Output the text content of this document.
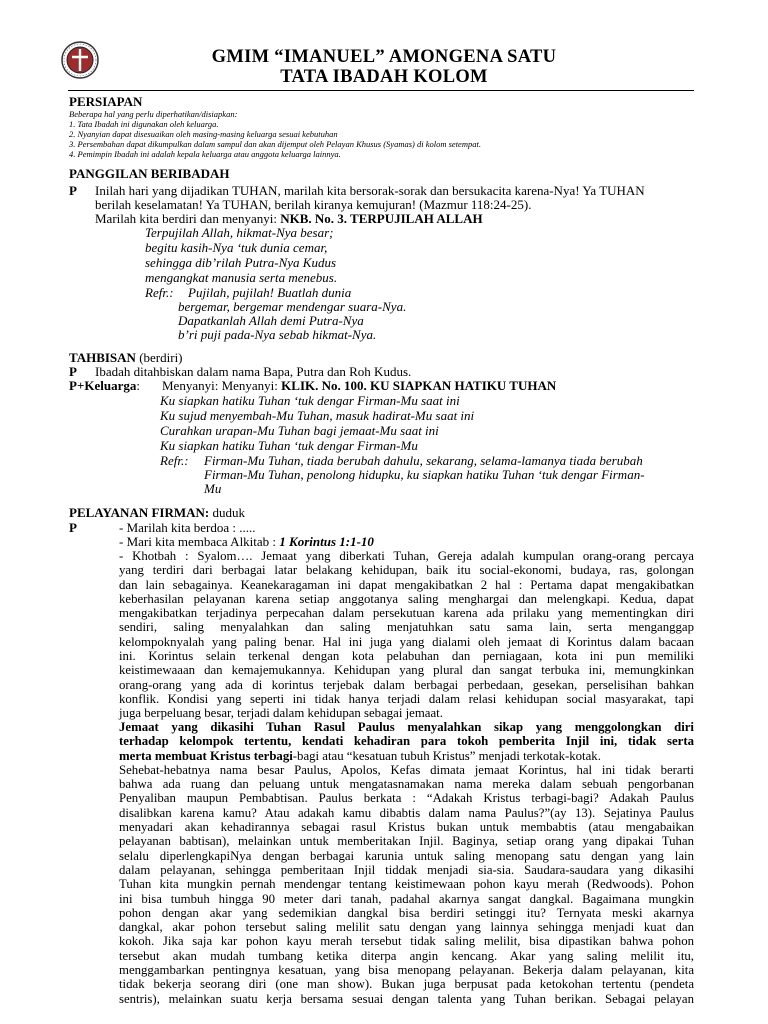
GMIM “IMANUEL” AMONGENA SATU
TATA IBADAH KOLOM
PERSIAPAN
Beberapa hal yang perlu diperhatikan/disiapkan:
1. Tata Ibadah ini digunakan oleh keluarga.
2. Nyanyian dapat disesuaikan oleh masing-masing keluarga sesuai kebutuhan
3. Persembahan dapat dikumpulkan dalam sampul dan akan dijemput oleh Pelayan Khusus (Syamas) di kolom setempat.
4. Pemimpin Ibadah ini adalah kepala keluarga atau anggota keluarga lainnya.
PANGGILAN BERIBADAH
P Inilah hari yang dijadikan TUHAN, marilah kita bersorak-sorak dan bersukacita karena-Nya! Ya TUHAN
berilah keselamatan! Ya TUHAN, berilah kiranya kemujuran! (Mazmur 118:24-25).
Marilah kita berdiri dan menyanyi: NKB. No. 3. TERPUJILAH ALLAH
Terpujilah Allah, hikmat-Nya besar;
begitu kasih-Nya ‘tuk dunia cemar,
sehingga dib’rilah Putra-Nya Kudus
mengangkat manusia serta menebus.
Refr.: Pujilah, pujilah! Buatlah dunia
bergemar, bergemar mendengar suara-Nya.
Dapatkanlah Allah demi Putra-Nya
b’ri puji pada-Nya sebab hikmat-Nya.
TAHBISAN (berdiri)
P Ibadah ditahbiskan dalam nama Bapa, Putra dan Roh Kudus.
P+Keluarga: Menyanyi: Menyanyi: KLIK. No. 100. KU SIAPKAN HATIKU TUHAN
Ku siapkan hatiku Tuhan ‘tuk dengar Firman-Mu saat ini
Ku sujud menyembah-Mu Tuhan, masuk hadirat-Mu saat ini
Curahkan urapan-Mu Tuhan bagi jemaat-Mu saat ini
Ku siapkan hatiku Tuhan ‘tuk dengar Firman-Mu
Refr.: Firman-Mu Tuhan, tiada berubah dahulu, sekarang, selama-lamanya tiada berubah
Firman-Mu Tuhan, penolong hidupku, ku siapkan hatiku Tuhan ‘tuk dengar Firman-
Mu
PELAYANAN FIRMAN: duduk
P	- Marilah kita berdoa : .....
- Mari kita membaca Alkitab : 1 Korintus 1:1-10
- Khotbah : Syalom…. Jemaat yang diberkati Tuhan, Gereja adalah kumpulan orang-orang percaya
yang terdiri dari berbagai latar belakang kehidupan, baik itu social-ekonomi, budaya, ras, golongan
dan lain sebagainya. Keanekaragaman ini dapat mengakibatkan 2 hal : Pertama dapat mengakibatkan
keberhasilan pelayanan karena setiap anggotanya saling menghargai dan melengkapi. Kedua, dapat
mengakibatkan terjadinya perpecahan dalam persekutuan karena ada prilaku yang mementingkan diri
sendiri, saling menyalahkan dan saling menjatuhkan satu sama lain, serta menganggap
kelompoknyalah yang paling benar. Hal ini juga yang dialami oleh jemaat di Korintus dalam bacaan
ini. Korintus selain terkenal dengan kota pelabuhan dan perniagaan, kota ini pun memiliki
keistimewaaan dan kemajemukannya. Kehidupan yang plural dan sangat terbuka ini, memungkinkan
orang-orang yang ada di korintus terjebak dalam berbagai perbedaan, gesekan, perselisihan bahkan
konflik. Kondisi yang seperti ini tidak hanya terjadi dalam relasi kehidupan social masyarakat, tapi
juga berpeluang besar, terjadi dalam kehidupan sebagai jemaat.
Jemaat yang dikasihi Tuhan Rasul Paulus menyalahkan sikap yang menggolongkan diri
terhadap kelompok tertentu, kendati kehadiran para tokoh pemberita Injil ini, tidak serta
merta membuat Kristus terbagi-bagi atau “kesatuan tubuh Kristus” menjadi terkotak-kotak.
Sehebat-hebatnya nama besar Paulus, Apolos, Kefas dimata jemaat Korintus, hal ini tidak berarti
bahwa ada ruang dan peluang untuk mengatasnamakan nama mereka dalam sebuah pengorbanan
Penyaliban maupun Pembabtisan. Paulus berkata : “Adakah Kristus terbagi-bagi? Adakah Paulus
disalibkan karena kamu? Atau adakah kamu dibabtis dalam nama Paulus?”(ay 13). Sejatinya Paulus
menyadari akan kehadirannya sebagai rasul Kristus bukan untuk membabtis (atau mengabaikan
pelayanan babtisan), melainkan untuk memberitakan Injil. Baginya, setiap orang yang dipakai Tuhan
selalu diperlengkapiNya dengan berbagai karunia untuk saling menopang satu dengan yang lain
dalam pelayanan, sehingga pemberitaan Injil tiddak menjadi sia-sia. Saudara-saudara yang dikasihi
Tuhan kita mungkin pernah mendengar tentang keistimewaan pohon kayu merah (Redwoods). Pohon
ini bisa tumbuh hingga 90 meter dari tanah, padahal akarnya sangat dangkal. Bagaimana mungkin
pohon dengan akar yang sedemikian dangkal bisa berdiri setinggi itu? Ternyata meski akarnya
dangkal, akar pohon tersebut saling melilit satu dengan yang lainnya sehingga menjadi kuat dan
kokoh. Jika saja kar pohon kayu merah tersebut tidak saling melilit, bisa dipastikan bahwa pohon
tersebut akan mudah tumbang ketika diterpa angin kencang. Akar yang saling melilit itu,
menggambarkan pentingnya kesatuan, yang bisa menopang pelayanan. Bekerja dalam pelayanan, kita
tidak bekerja seorang diri (one man show). Bukan juga berpusat pada ketokohan tertentu (pendeta
sentris), melainkan suatu kerja bersama sesuai dengan talenta yang Tuhan berikan. Sebagai pelayan
